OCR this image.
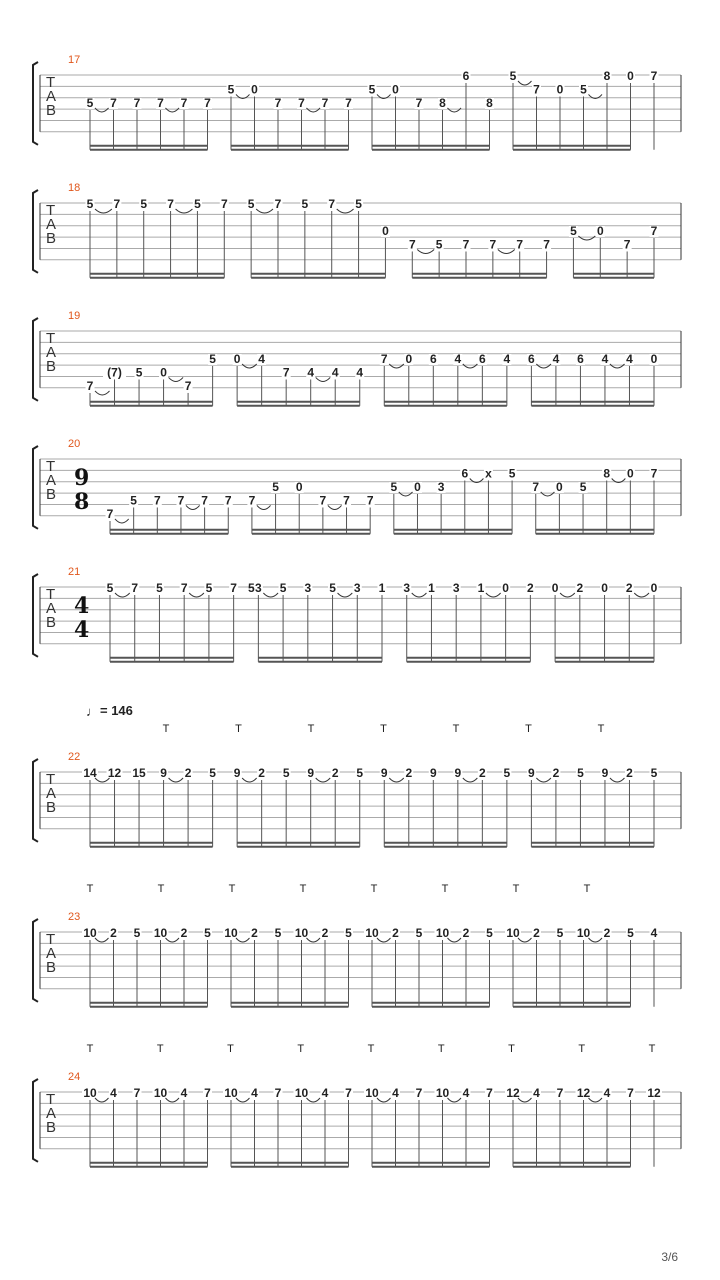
T
A
B
17
5 7 7 7 7 7
5 0
7 7 7 7
5 0
7 8
6
8
5
7 0 5
8 0 7
T
A
B
18
5 7 5 7 5 7 5 7 5 7 5
0
7 5 7 7 7 7
5 0
7
7
T
A
B
19
7
(7) 5 0
7
5 0 4
7 4 4 4
7 0 6 4 6 4 6 4 6 4 4 0
T
A
B
20
9
8 7
5 7 7 7 7 7
5 0
7 7 7
5 0 3
6 x 5
7 0 5
8 0 7
T
A
B
21
4
4
5 7 5 7 5 7 3 5 3 5 3 1 3 1 3 1 0 2 0 2 0 2 0
5
T
A
B
22
14 12 15 9 2 5 9 2 5 9 2 5 9 2 9 9 2 5 9 2 5 9 2 5
T
A
B
23
10 2 5 10 2 5 10 2 5 10 2 5 10 2 5 10 2 5 10 2 5 10 2 5 4
T
A
B
24
10 4 7 10 4 7 10 4 7 10 4 7 10 4 7 10 4 7 12 4 7 12 4 7 12
♩ = 146
T	T	T	T	T	T	T
T	T	T	T	T	T	T	T
T	T	T	T	T	T	T	T	T
3/6
